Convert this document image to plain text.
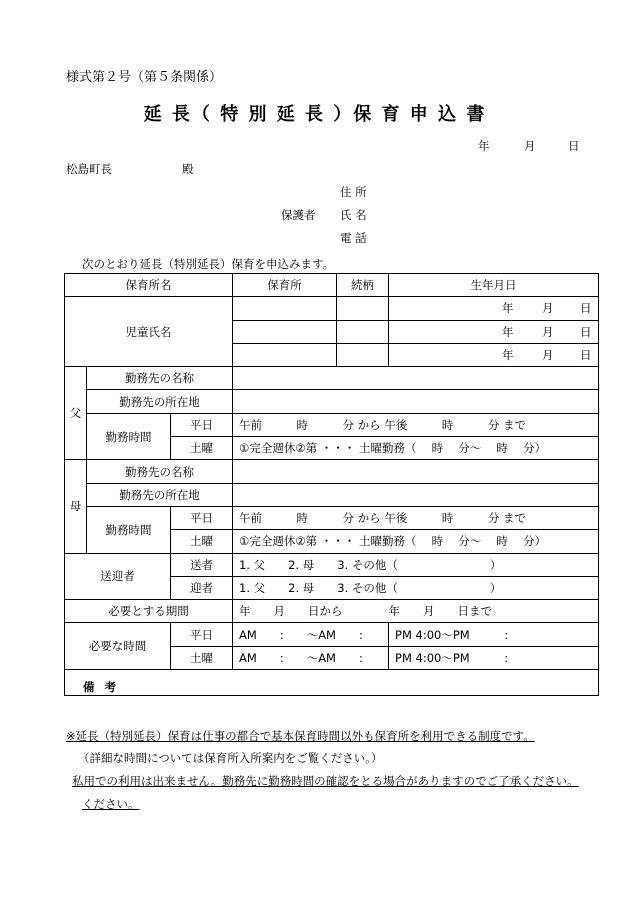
様式第２号（第５条関係）
延 長（ 特 別 延 長 ）保 育 申 込 書
年	月	日
松島町長	殿
住 所
保護者 氏 名
電 話
次のとおり延長（特別延長）保育を申込みます。
保育所名			保育所	続柄	生年月日
児童氏名					年 月 日

					年 月 日

					年 月 日

父	勤務先の名称				
	勤務先の所在地				
	勤務時間	平日	午前　　　時　　　分 から 午後　　　時　　　分 まで		
		土曜	①完全週休②第 ・・・ 土曜勤務（　 時　 分～　 時　 分）		
母	勤務先の名称				
	勤務先の所在地				
	勤務時間	平日	午前　　　時　　　分 から 午後　　　時　　　分 まで		
		土曜	①完全週休②第 ・・・ 土曜勤務（　 時　 分～　 時　 分）		
送迎者		送者	1. 父　　2. 母　　3. その他（　　　　　　　　）		
		迎者	1. 父　　2. 母　　3. その他（　　　　　　　　）		
必要とする期間			年　　月　　日から　　　　年　　月　　日まで		
必要な時間		平日	AM　　:　　～AM　　:		PM 4:00～PM　　　:
		土曜	AM　　:　　～AM　　:		PM 4:00～PM　　　:

備考					
※延長（特別延長）保育は仕事の都合で基本保育時間以外も保育所を利用できる制度です。
（詳細な時間については保育所入所案内をご覧ください。）
私用での利用は出来ません。勤務先に勤務時間の確認をとる場合がありますのでご了承ください。
ください。
